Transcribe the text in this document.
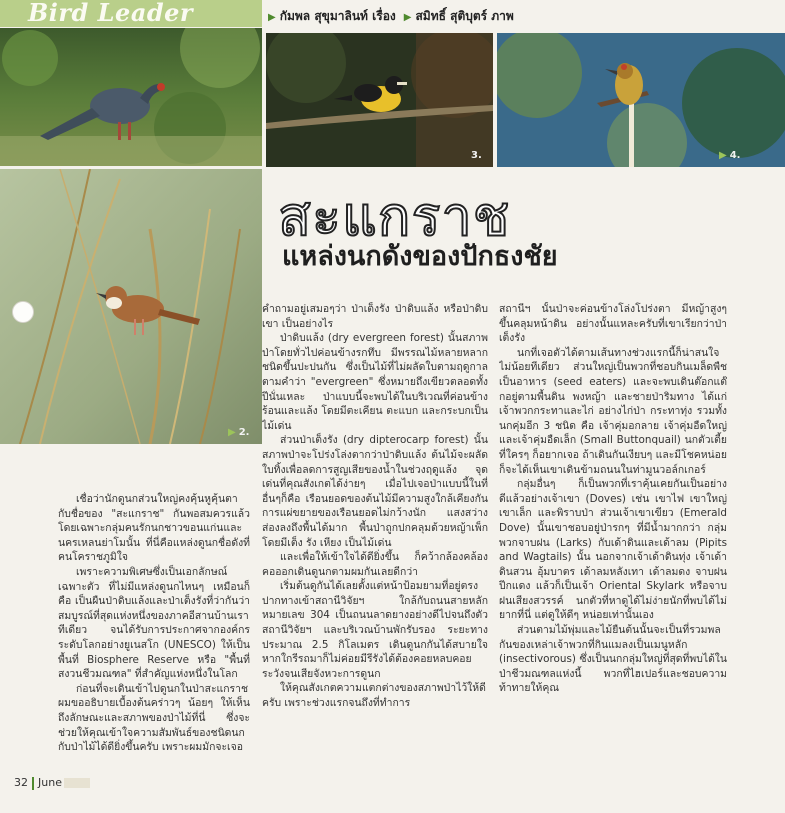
Bird Leader	▶ กัมพล สุขุมาลินท์ เรื่อง ▶ สมิทธิ์ สุติบุตร์ ภาพ
3.	▶ 4.
▶ 2.
สะแกราช
แหล่งนกดังของปักธงชัย

เชื่อว่านักดูนกส่วนใหญ่คงคุ้นหูคุ้นตากับชื่อของ "สะแกราช" กันพอสมควรแล้ว โดยเฉพาะกลุ่มคนรักนกชาวขอนแก่นและนครเหลนย่าโมนั้น ที่นี่คือแหล่งดูนกชื่อดังที่คนโคราชภูมิใจ

เพราะความพิเศษซึ่งเป็นเอกลักษณ์เฉพาะตัว ที่ไม่มีแหล่งดูนกไหนๆ เหมือนก็คือ เป็นผืนป่าดิบแล้งและป่าเต็งรังที่ว่ากันว่าสมบูรณ์ที่สุดแห่งหนึ่งของภาคอีสานบ้านเราทีเดียว จนได้รับการประกาศจากองค์กรระดับโลกอย่างยูเนสโก (UNESCO) ให้เป็นพื้นที่ Biosphere Reserve หรือ "พื้นที่สงวนชีวมณฑล" ที่สำคัญแห่งหนึ่งในโลก

ก่อนที่จะเดินเข้าไปดูนกในป่าสะแกราช ผมขออธิบายเบื้องต้นคร่าวๆ น้อยๆ ให้เห็นถึงลักษณะและสภาพของป่าไม้ที่นี่ ซึ่งจะช่วยให้คุณเข้าใจความสัมพันธ์ของชนิดนกกับป่าไม้ได้ดียิ่งขึ้นครับ เพราะผมมักจะเจอ

คำถามอยู่เสมอๆว่า ป่าเต็งรัง ป่าดิบแล้ง หรือป่าดิบเขา เป็นอย่างไร

ป่าดิบแล้ง (dry evergreen forest) นั้นสภาพป่าโดยทั่วไปค่อนข้างรกทึบ มีพรรณไม้หลายหลากชนิดขึ้นปะปนกัน ซึ่งเป็นไม้ที่ไม่ผลัดใบตามฤดูกาล ตามคำว่า "evergreen" ซึ่งหมายถึงเขียวตลอดทั้งปีนั่นเหละ ป่าแบบนี้จะพบได้ในบริเวณที่ค่อนข้างร้อนและแล้ง โดยมีตะเคียน ตะแบก และกระบกเป็นไม้เด่น

ส่วนป่าเต็งรัง (dry dipterocarp forest) นั้นสภาพป่าจะโปร่งโล่งตากว่าป่าดิบแล้ง ต้นไม้จะผลัดใบทิ้งเพื่อลดการสูญเสียของน้ำในช่วงฤดูแล้ง จุดเด่นที่คุณสังเกตได้ง่ายๆ เมื่อไปเจอป่าแบบนี้ในที่อื่นๆก็คือ เรือนยอดของต้นไม้มีความสูงใกล้เคียงกัน การแผ่ขยายของเรือนยอดไม่กว้างนัก แสงสว่างส่องลงถึงพื้นได้มาก พื้นป่าถูกปกคลุมด้วยหญ้าเพ็ก โดยมีเต็ง รัง เหียง เป็นไม้เด่น

และเพื่อให้เข้าใจได้ดียิ่งขึ้น ก็คว้ากล้องคล้องคอออกเดินดูนกตามผมกันเลยดีกว่า

เริ่มต้นดูกันได้เลยตั้งแต่หน้าป้อมยามที่อยู่ตรงปากทางเข้าสถานีวิจัยฯ ใกล้กับถนนสายหลักหมายเลข 304 เป็นถนนลาดยางอย่างดีไปจนถึงตัวสถานีวิจัยฯ และบริเวณบ้านพักรับรอง ระยะทางประมาณ 2.5 กิโลเมตร เดินดูนกกันได้สบายใจ หากใกรีรถมาก็ไม่ค่อยมีรีรังได้ต้องคอยหลบคอยระวังจนเสียจังหวะการดูนก

ให้คุณสังเกตความแตกต่างของสภาพป่าไว้ให้ดีครับ เพราะช่วงแรกจนถึงที่ทำการ

สถานีฯ นั้นป่าจะค่อนข้างโล่งโปร่งตา มีหญ้าสูงๆ ขึ้นคลุมหน้าดิน อย่างนั้นแหละครับที่เขาเรียกว่าป่าเต็งรัง

นกที่เจอตัวได้ตามเส้นทางช่วงแรกนี้ก็น่าสนใจไม่น้อยทีเดียว ส่วนใหญ่เป็นพวกที่ชอบกินเมล็ดพืชเป็นอาหาร (seed eaters) และจะพบเดินต๊อกแต๊กอยู่ตามพื้นดิน พงหญ้า และชายป่าริมทาง ได้แก่ เจ้าพวกกระทาและไก่ อย่างไก่ป่า กระทาทุ่ง รวมทั้งนกคุ่มอีก 3 ชนิด คือ เจ้าคุ่มอกลาย เจ้าคุ่มอืดใหญ่ และเจ้าคุ่มอืดเล็ก (Small Buttonquail) นกตัวเตี้ยที่ใครๆ ก็อยากเจอ ถ้าเดินกันเงียบๆ และมีโชคหน่อยก็จะได้เห็นเขาเดินข้ามถนนในท่ามูนวอล์กเกอร์

กลุ่มอื่นๆ ก็เป็นพวกที่เราคุ้นเคยกันเป็นอย่างดีแล้วอย่างเจ้าเขา (Doves) เช่น เขาไฟ เขาใหญ่ เขาเล็ก และพิราบป่า ส่วนเจ้าเขาเขียว (Emerald Dove) นั้นเขาชอบอยู่ป่ารกๆ ที่มีน้ำมากกว่า กลุ่มพวกจาบฝน (Larks) กับเด้าดินและเด้าลม (Pipits and Wagtails) นั้น นอกจากเจ้าเด้าดินทุ่ง เจ้าเด้าดินสวน อุ้มบาตร เด้าลมหลังเทา เด้าลมดง จาบฝนปีกแดง แล้วก็เป็นเจ้า Oriental Skylark หรือจาบฝนเสียงสวรรค์ นกตัวที่หาดูได้ไม่ง่ายนักที่พบได้ไม่ยากที่นี่ แต่ดูให้ดีๆ หน่อยเท่านั้นเอง

ส่วนตามไม้พุ่มและไม้ยืนต้นนั้นจะเป็นที่รวมพลกันของเหล่าเจ้าพวกที่กินแมลงเป็นเมนูหลัก (insectivorous) ซึ่งเป็นนกกลุ่มใหญ่ที่สุดที่พบได้ในป่าชีวมณฑลแห่งนี้ พวกที่ไฮเปอร์และชอบความท้าทายให้คุณ

32 June
